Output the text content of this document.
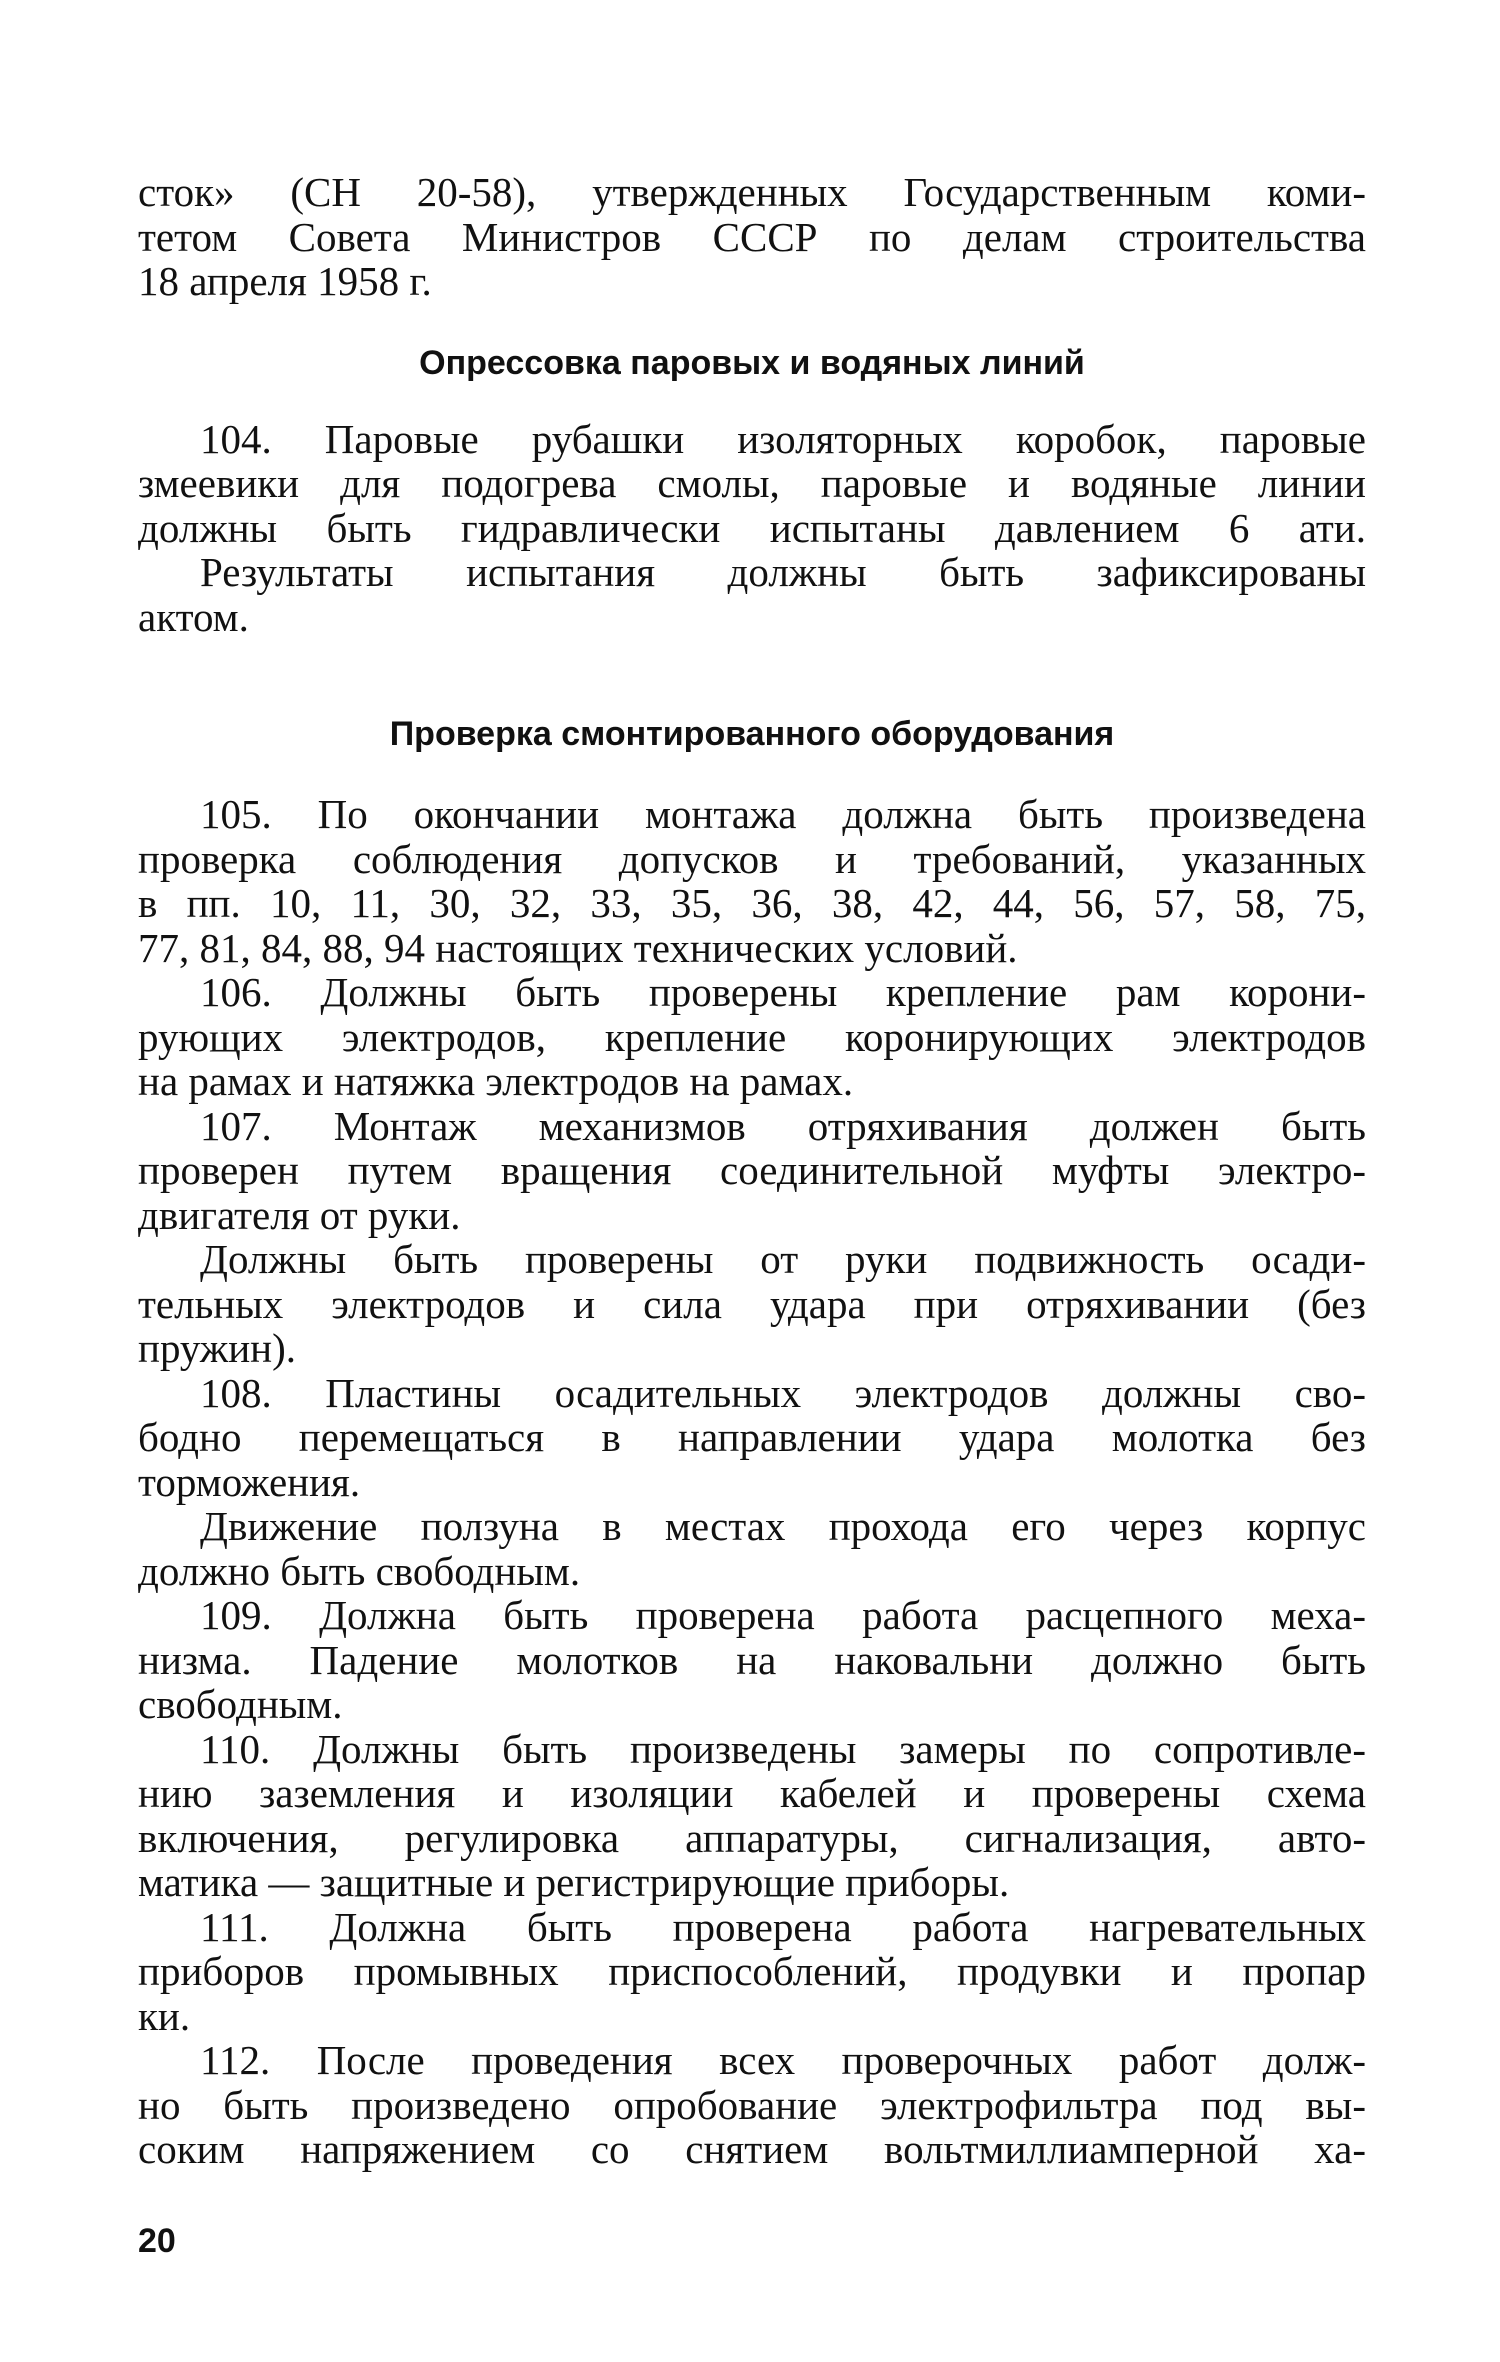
сток» (СН 20-58), утвержденных Государственным коми-
тетом Совета Министров СССР по делам строительства
18 апреля 1958 г.
Опрессовка паровых и водяных линий
104. Паровые рубашки изоляторных коробок, паровые
змеевики для подогрева смолы, паровые и водяные линии
должны быть гидравлически испытаны давлением 6 ати.
Результаты испытания должны быть зафиксированы
актом.
Проверка смонтированного оборудования
105. По окончании монтажа должна быть произведена
проверка соблюдения допусков и требований, указанных
в пп. 10, 11, 30, 32, 33, 35, 36, 38, 42, 44, 56, 57, 58, 75,
77, 81, 84, 88, 94 настоящих технических условий.
106. Должны быть проверены крепление рам корони-
рующих электродов, крепление коронирующих электродов
на рамах и натяжка электродов на рамах.
107. Монтаж механизмов отряхивания должен быть
проверен путем вращения соединительной муфты электро-
двигателя от руки.
Должны быть проверены от руки подвижность осади-
тельных электродов и сила удара при отряхивании (без
пружин).
108. Пластины осадительных электродов должны сво-
бодно перемещаться в направлении удара молотка без
торможения.
Движение ползуна в местах прохода его через корпус
должно быть свободным.
109. Должна быть проверена работа расцепного меха-
низма. Падение молотков на наковальни должно быть
свободным.
110. Должны быть произведены замеры по сопротивле-
нию заземления и изоляции кабелей и проверены схема
включения, регулировка аппаратуры, сигнализация, авто-
матика — защитные и регистрирующие приборы.
111. Должна быть проверена работа нагревательных
приборов промывных приспособлений, продувки и пропар
ки.
112. После проведения всех проверочных работ долж-
но быть произведено опробование электрофильтра под вы-
соким напряжением со снятием вольтмиллиамперной ха-
20
